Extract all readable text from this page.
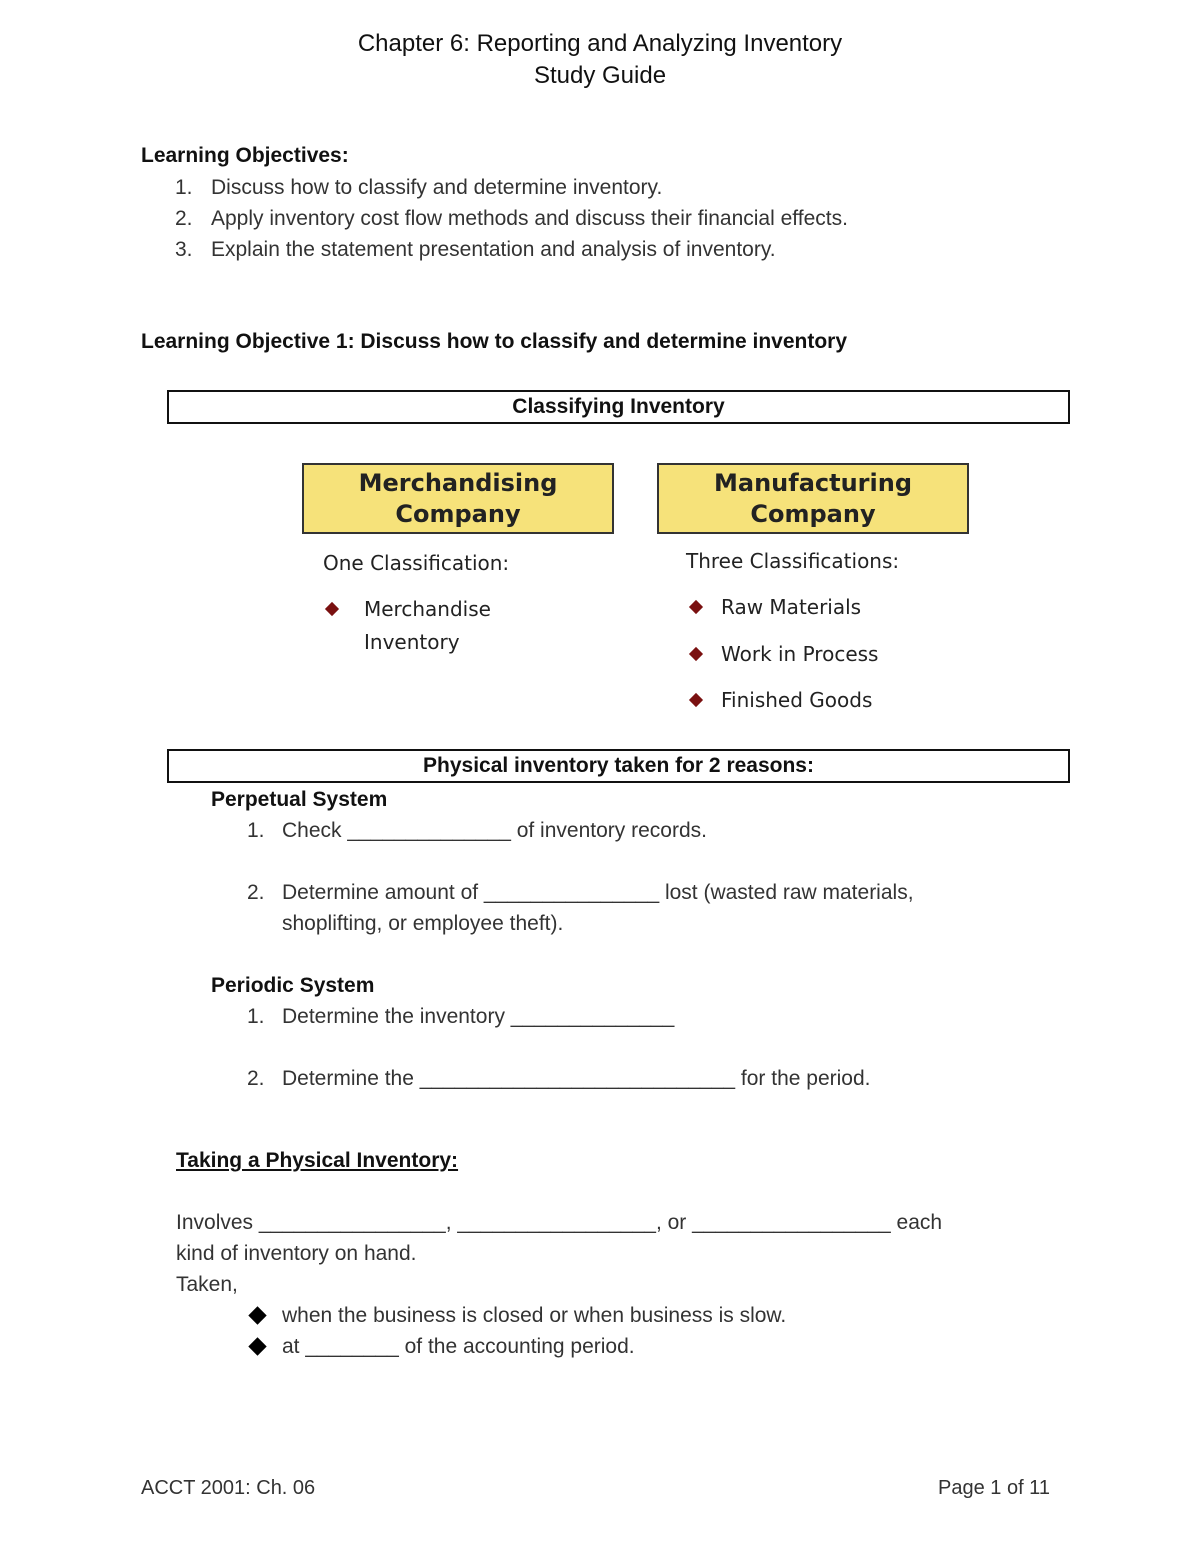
Chapter 6: Reporting and Analyzing Inventory
Study Guide
Learning Objectives:
1. Discuss how to classify and determine inventory.
2. Apply inventory cost flow methods and discuss their financial effects.
3. Explain the statement presentation and analysis of inventory.
Learning Objective 1: Discuss how to classify and determine inventory
Classifying Inventory
Merchandising
Company
Manufacturing
Company
One Classification:
Merchandise
Inventory
Three Classifications:
Raw Materials
Work in Process
Finished Goods
Physical inventory taken for 2 reasons:
Perpetual System
1. Check ______________ of inventory records.
2. Determine amount of _______________ lost (wasted raw materials,
shoplifting, or employee theft).
Periodic System
1. Determine the inventory ______________
2. Determine the ___________________________ for the period.
Taking a Physical Inventory:
Involves ________________, _________________, or _________________ each
kind of inventory on hand.
Taken,
when the business is closed or when business is slow.
at ________ of the accounting period.
ACCT 2001: Ch. 06	Page 1 of 11
